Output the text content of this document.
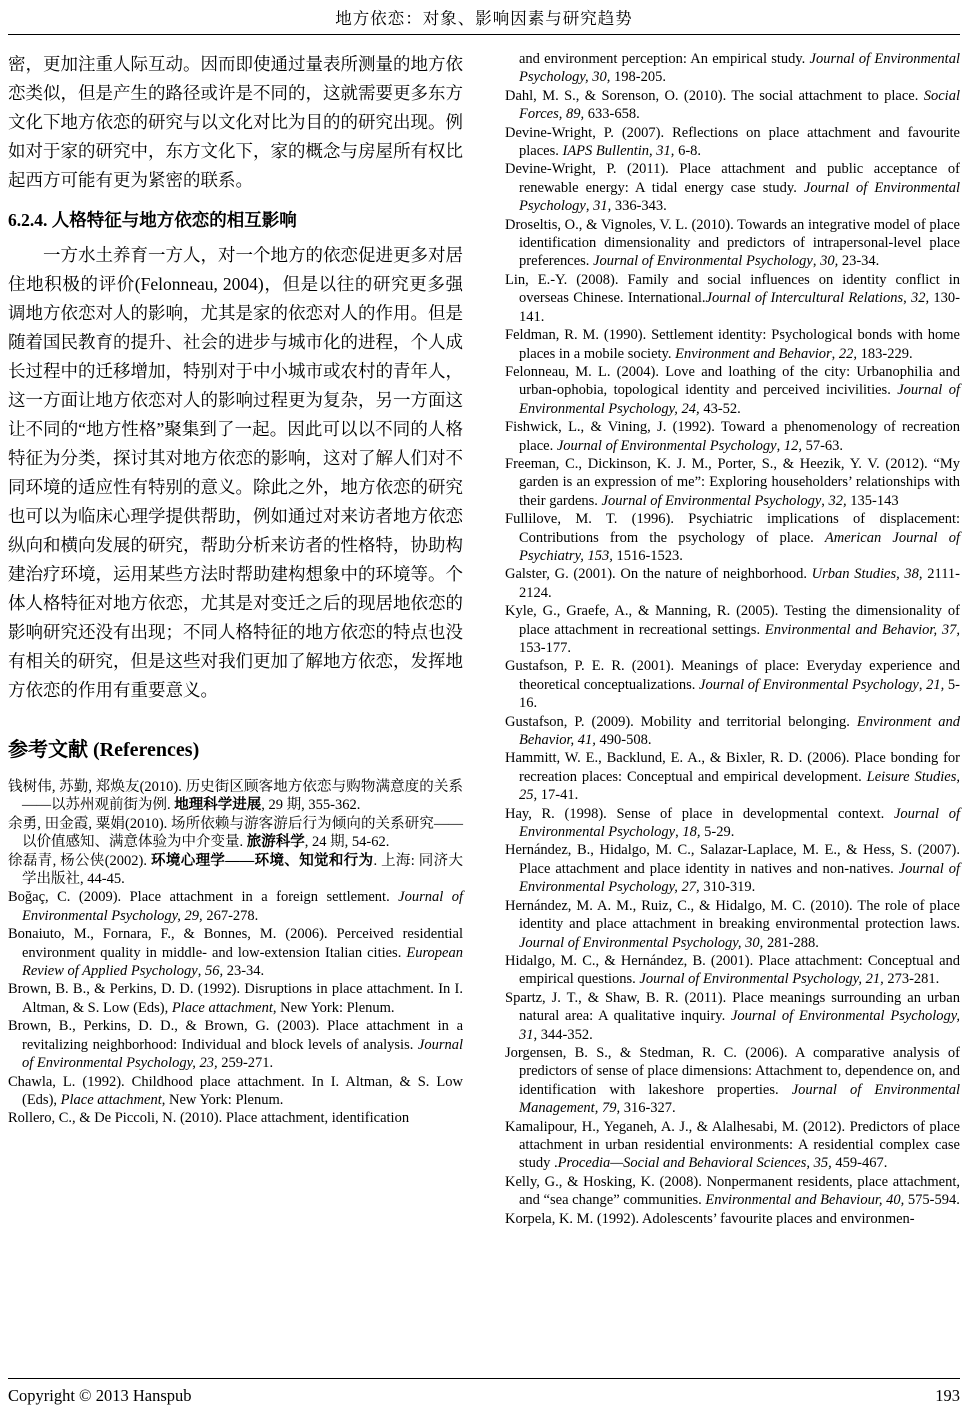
地方依恋：对象、影响因素与研究趋势

密，更加注重人际互动。因而即使通过量表所测量的地方依恋类似，但是产生的路径或许是不同的，这就需要更多东方文化下地方依恋的研究与以文化对比为目的的研究出现。例如对于家的研究中，东方文化下，家的概念与房屋所有权比起西方可能有更为紧密的联系。

6.2.4. 人格特征与地方依恋的相互影响

一方水土养育一方人，对一个地方的依恋促进更多对居住地积极的评价(Felonneau, 2004)，但是以往的研究更多强调地方依恋对人的影响，尤其是家的依恋对人的作用。但是随着国民教育的提升、社会的进步与城市化的进程，个人成长过程中的迁移增加，特别对于中小城市或农村的青年人，这一方面让地方依恋对人的影响过程更为复杂，另一方面这让不同的“地方性格”聚集到了一起。因此可以以不同的人格特征为分类，探讨其对地方依恋的影响，这对了解人们对不同环境的适应性有特别的意义。除此之外，地方依恋的研究也可以为临床心理学提供帮助，例如通过对来访者地方依恋纵向和横向发展的研究，帮助分析来访者的性格特，协助构建治疗环境，运用某些方法时帮助建构想象中的环境等。个体人格特征对地方依恋，尤其是对变迁之后的现居地依恋的影响研究还没有出现；不同人格特征的地方依恋的特点也没有相关的研究，但是这些对我们更加了解地方依恋，发挥地方依恋的作用有重要意义。

参考文献 (References)
钱树伟, 苏勤, 郑焕友(2010). 历史街区顾客地方依恋与购物满意度的关系——以苏州观前街为例. 地理科学进展, 29 期, 355-362.
余勇, 田金霞, 粟娟(2010). 场所依赖与游客游后行为倾向的关系研究——以价值感知、满意体验为中介变量. 旅游科学, 24 期, 54-62.
徐磊青, 杨公侠(2002). 环境心理学——环境、知觉和行为. 上海: 同济大学出版社, 44-45.
Boğaç, C. (2009). Place attachment in a foreign settlement. Journal of Environmental Psychology, 29, 267-278.
Bonaiuto, M., Fornara, F., & Bonnes, M. (2006). Perceived residential environment quality in middle- and low-extension Italian cities. European Review of Applied Psychology, 56, 23-34.
Brown, B. B., & Perkins, D. D. (1992). Disruptions in place attachment. In I. Altman, & S. Low (Eds), Place attachment, New York: Plenum.
Brown, B., Perkins, D. D., & Brown, G. (2003). Place attachment in a revitalizing neighborhood: Individual and block levels of analysis. Journal of Environmental Psychology, 23, 259-271.
Chawla, L. (1992). Childhood place attachment. In I. Altman, & S. Low (Eds), Place attachment, New York: Plenum.
Rollero, C., & De Piccoli, N. (2010). Place attachment, identification
and environment perception: An empirical study. Journal of Environmental Psychology, 30, 198-205.
Dahl, M. S., & Sorenson, O. (2010). The social attachment to place. Social Forces, 89, 633-658.
Devine-Wright, P. (2007). Reflections on place attachment and favourite places. IAPS Bullentin, 31, 6-8.
Devine-Wright, P. (2011). Place attachment and public acceptance of renewable energy: A tidal energy case study. Journal of Environmental Psychology, 31, 336-343.
Droseltis, O., & Vignoles, V. L. (2010). Towards an integrative model of place identification dimensionality and predictors of intrapersonal-level place preferences. Journal of Environmental Psychology, 30, 23-34.
Lin, E.-Y. (2008). Family and social influences on identity conflict in overseas Chinese. International.Journal of Intercultural Relations, 32, 130-141.
Feldman, R. M. (1990). Settlement identity: Psychological bonds with home places in a mobile society. Environment and Behavior, 22, 183-229.
Felonneau, M. L. (2004). Love and loathing of the city: Urbanophilia and urban-ophobia, topological identity and perceived incivilities. Journal of Environmental Psychology, 24, 43-52.
Fishwick, L., & Vining, J. (1992). Toward a phenomenology of recreation place. Journal of Environmental Psychology, 12, 57-63.
Freeman, C., Dickinson, K. J. M., Porter, S., & Heezik, Y. V. (2012). “My garden is an expression of me”: Exploring householders’ relationships with their gardens. Journal of Environmental Psychology, 32, 135-143
Fullilove, M. T. (1996). Psychiatric implications of displacement: Contributions from the psychology of place. American Journal of Psychiatry, 153, 1516-1523.
Galster, G. (2001). On the nature of neighborhood. Urban Studies, 38, 2111-2124.
Kyle, G., Graefe, A., & Manning, R. (2005). Testing the dimensionality of place attachment in recreational settings. Environmental and Behavior, 37, 153-177.
Gustafson, P. E. R. (2001). Meanings of place: Everyday experience and theoretical conceptualizations. Journal of Environmental Psychology, 21, 5-16.
Gustafson, P. (2009). Mobility and territorial belonging. Environment and Behavior, 41, 490-508.
Hammitt, W. E., Backlund, E. A., & Bixler, R. D. (2006). Place bonding for recreation places: Conceptual and empirical development. Leisure Studies, 25, 17-41.
Hay, R. (1998). Sense of place in developmental context. Journal of Environmental Psychology, 18, 5-29.
Hernández, B., Hidalgo, M. C., Salazar-Laplace, M. E., & Hess, S. (2007). Place attachment and place identity in natives and non-natives. Journal of Environmental Psychology, 27, 310-319.
Hernández, M. A. M., Ruiz, C., & Hidalgo, M. C. (2010). The role of place identity and place attachment in breaking environmental protection laws. Journal of Environmental Psychology, 30, 281-288.
Hidalgo, M. C., & Hernández, B. (2001). Place attachment: Conceptual and empirical questions. Journal of Environmental Psychology, 21, 273-281.
Spartz, J. T., & Shaw, B. R. (2011). Place meanings surrounding an urban natural area: A qualitative inquiry. Journal of Environmental Psychology, 31, 344-352.
Jorgensen, B. S., & Stedman, R. C. (2006). A comparative analysis of predictors of sense of place dimensions: Attachment to, dependence on, and identification with lakeshore properties. Journal of Environmental Management, 79, 316-327.
Kamalipour, H., Yeganeh, A. J., & Alalhesabi, M. (2012). Predictors of place attachment in urban residential environments: A residential complex case study .Procedia—Social and Behavioral Sciences, 35, 459-467.
Kelly, G., & Hosking, K. (2008). Nonpermanent residents, place attachment, and “sea change” communities. Environmental and Behaviour, 40, 575-594.
Korpela, K. M. (1992). Adolescents’ favourite places and environmen-
Copyright © 2013 Hanspub	193
